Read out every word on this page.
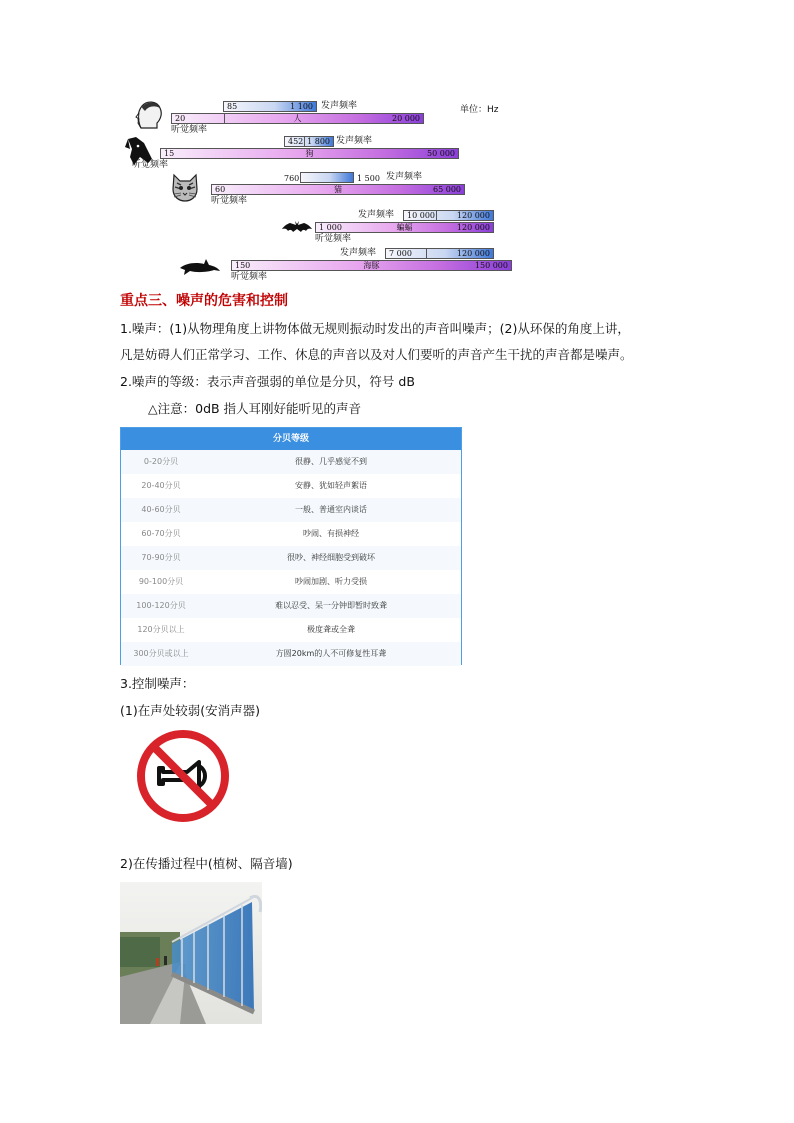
单位：Hz
85	1 100 发声频率
20	人	20 000
听觉频率
452 1 800 发声频率
15	狗	50 000
听觉频率
760	1 500 发声频率
60	猫	65 000
听觉频率
发声频率 10 000	120 000
1 000	蝙蝠	120 000
听觉频率
发声频率 7 000	120 000
150	海豚	150 000
听觉频率
重点三、噪声的危害和控制
1.噪声：(1)从物理角度上讲物体做无规则振动时发出的声音叫噪声；(2)从环保的角度上讲，
凡是妨碍人们正常学习、工作、休息的声音以及对人们要听的声音产生干扰的声音都是噪声。
2.噪声的等级：表示声音强弱的单位是分贝，符号 dB
△注意：0dB 指人耳刚好能听见的声音
分贝等级
0-20分贝	很静、几乎感觉不到
20-40分贝	安静、犹如轻声絮语
40-60分贝	一般、普通室内谈话
60-70分贝	吵闹、有损神经
70-90分贝	很吵、神经细胞受到破坏
90-100分贝	吵闹加剧、听力受损
100-120分贝	难以忍受、呆一分钟即暂时致聋
120分贝以上	极度聋或全聋
300分贝或以上	方圆20km的人不可修复性耳聋
3.控制噪声：
(1)在声处较弱(安消声器)
2)在传播过程中(植树、隔音墙)
